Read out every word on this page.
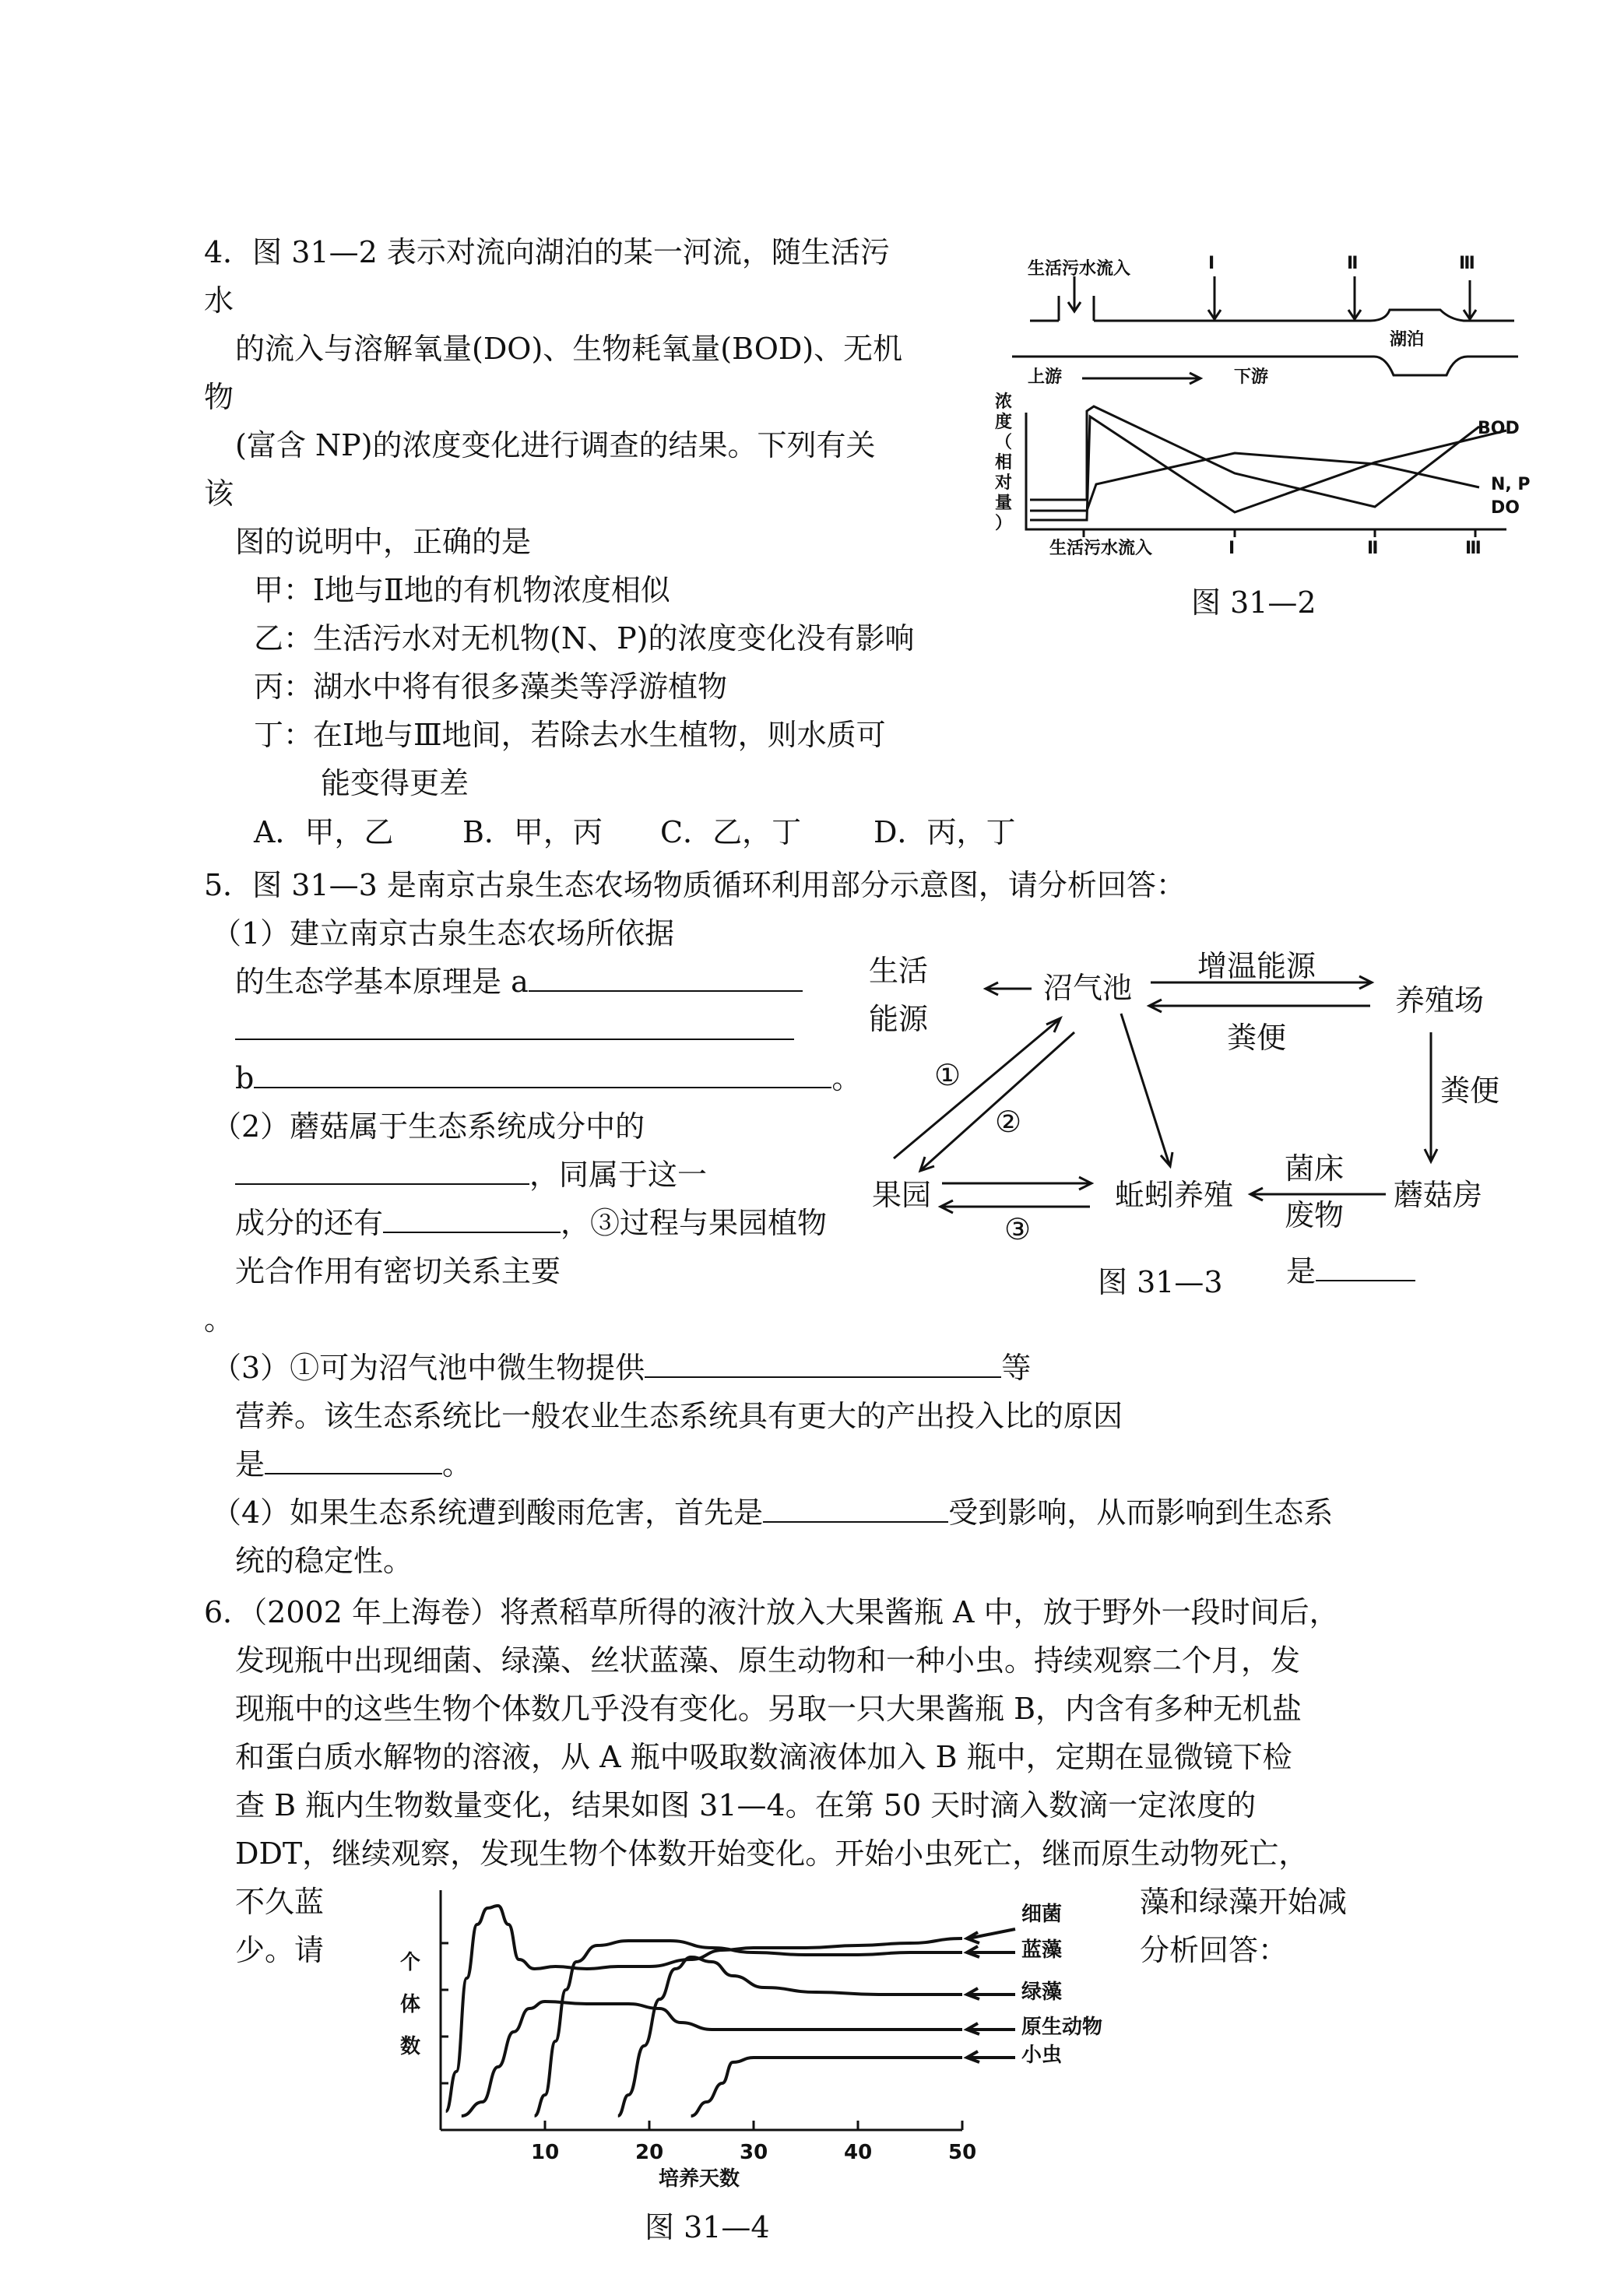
4．图 31—2 表示对流向湖泊的某一河流，随生活污
水
的流入与溶解氧量(DO)、生物耗氧量(BOD)、无机
物
(富含 NP)的浓度变化进行调查的结果。下列有关
该
图的说明中，正确的是
甲：Ⅰ地与Ⅱ地的有机物浓度相似
乙：生活污水对无机物(N、P)的浓度变化没有影响
丙：湖水中将有很多藻类等浮游植物
丁：在Ⅰ地与Ⅲ地间，若除去水生植物，则水质可
能变得更差
A．甲，乙 B．甲，丙 C．乙，丁 D．丙，丁
生活污水流入	Ⅰ	Ⅱ	Ⅲ
湖泊
上游	下游
浓
度
（
相
对
量
）
生活污水流入	Ⅰ	Ⅱ	Ⅲ
BOD
N, P
DO
图 31—2
5．图 31—3 是南京古泉生态农场物质循环利用部分示意图，请分析回答：
（1）建立南京古泉生态农场所依据
的生态学基本原理是 a
b	。
（2）蘑菇属于生态系统成分中的
，同属于这一
成分的还有	，③过程与果园植物
光合作用有密切关系主要	是
。
（3）①可为沼气池中微生物提供	等
营养。该生态系统比一般农业生态系统具有更大的产出投入比的原因
是	。
（4）如果生态系统遭到酸雨危害，首先是	受到影响，从而影响到生态系
统的稳定性。
生活
能源
沼气池
增温能源
养殖场
粪便
粪便
①
②
果园	蚯蚓养殖
③
菌床
废物
蘑菇房
图 31—3
6．（2002 年上海卷）将煮稻草所得的液汁放入大果酱瓶 A 中，放于野外一段时间后，
发现瓶中出现细菌、绿藻、丝状蓝藻、原生动物和一种小虫。持续观察二个月，发
现瓶中的这些生物个体数几乎没有变化。另取一只大果酱瓶 B，内含有多种无机盐
和蛋白质水解物的溶液，从 A 瓶中吸取数滴液体加入 B 瓶中，定期在显微镜下检
查 B 瓶内生物数量变化，结果如图 31—4。在第 50 天时滴入数滴一定浓度的
DDT，继续观察，发现生物个体数开始变化。开始小虫死亡，继而原生动物死亡，
不久蓝	藻和绿藻开始减
少。请	分析回答：
个
体
数
培养天数
图 31—4
10	20	30	40	50
细菌
蓝藻
绿藻
原生动物
小虫
